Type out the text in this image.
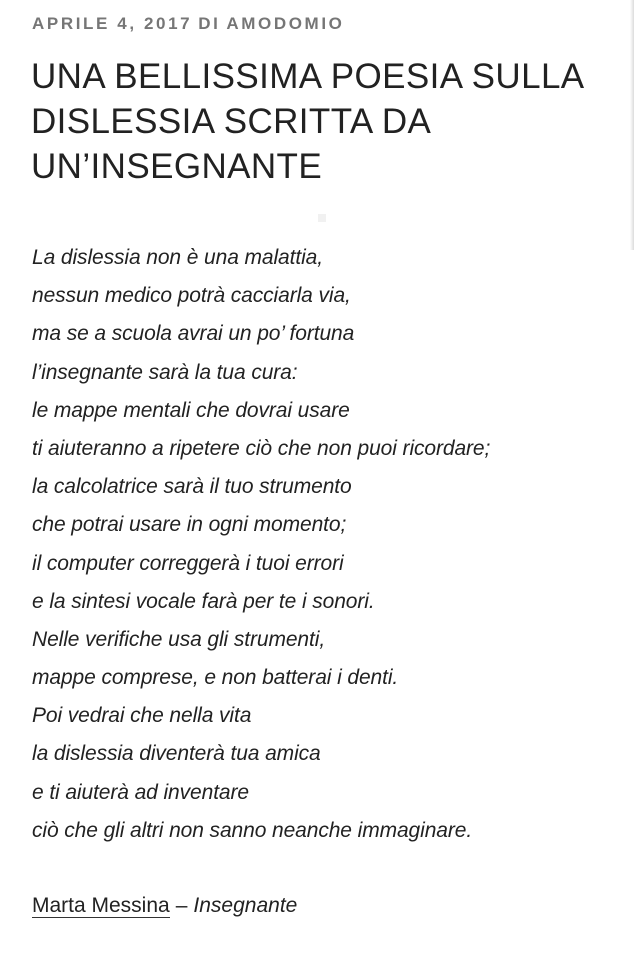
APRILE 4, 2017 DI AMODOMIO
UNA BELLISSIMA POESIA SULLA DISLESSIA SCRITTA DA UN’INSEGNANTE
La dislessia non è una malattia,
nessun medico potrà cacciarla via,
ma se a scuola avrai un po’ fortuna
l’insegnante sarà la tua cura:
le mappe mentali che dovrai usare
ti aiuteranno a ripetere ciò che non puoi ricordare;
la calcolatrice sarà il tuo strumento
che potrai usare in ogni momento;
il computer correggerà i tuoi errori
e la sintesi vocale farà per te i sonori.
Nelle verifiche usa gli strumenti,
mappe comprese, e non batterai i denti.
Poi vedrai che nella vita
la dislessia diventerà tua amica
e ti aiuterà ad inventare
ciò che gli altri non sanno neanche immaginare.
Marta Messina – Insegnante
